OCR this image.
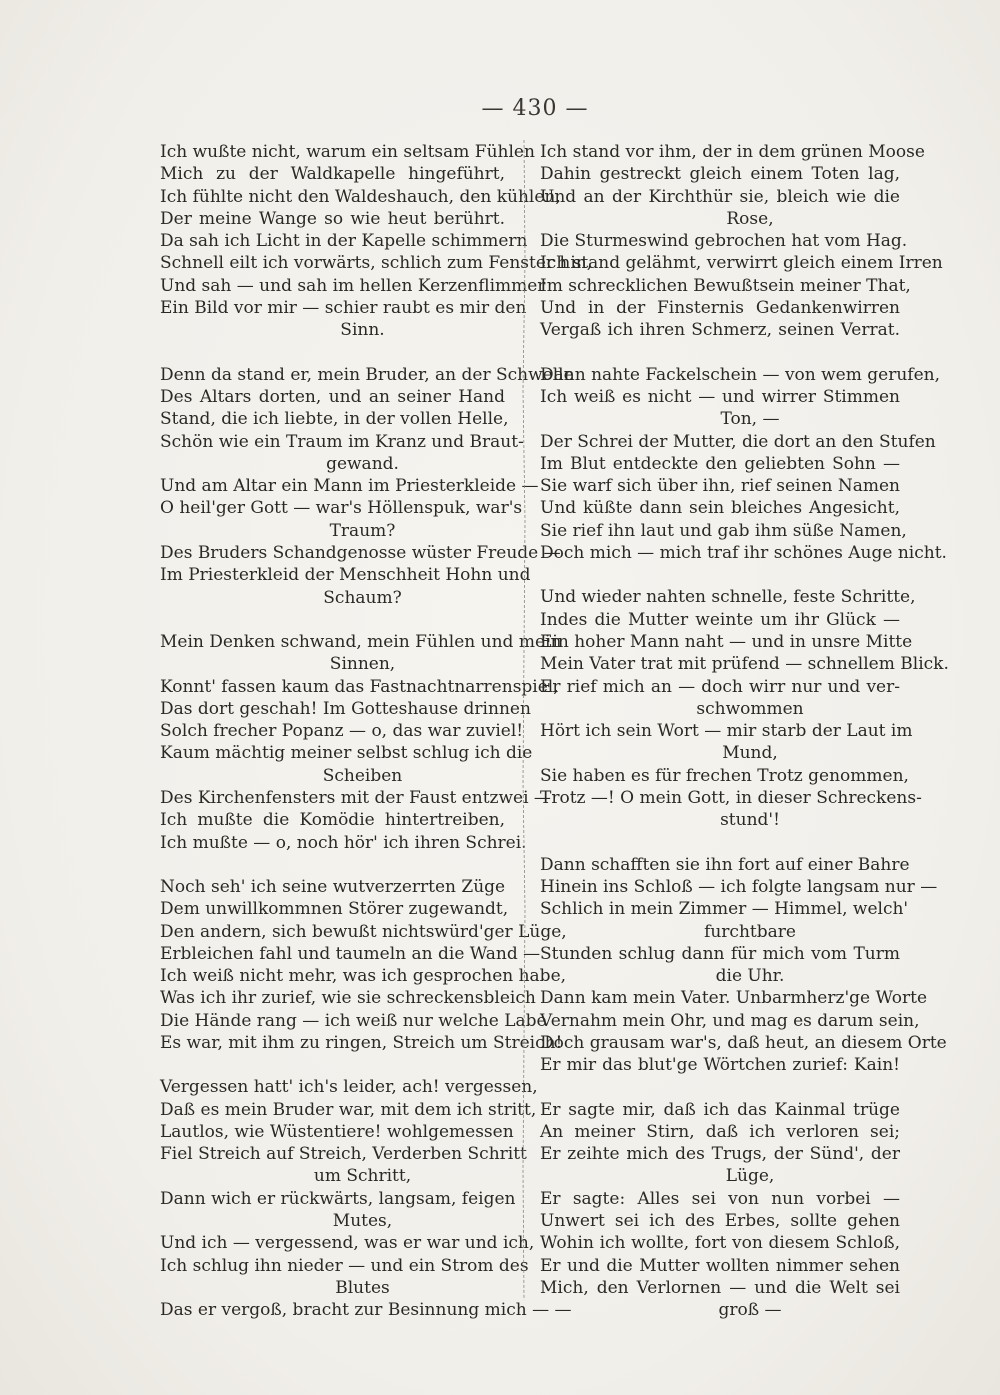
— 430 —
Ich wußte nicht, warum ein seltsam Fühlen
Mich zu der Waldkapelle hingeführt,
Ich fühlte nicht den Waldeshauch, den kühlen,
Der meine Wange so wie heut berührt.
Da sah ich Licht in der Kapelle schimmern
Schnell eilt ich vorwärts, schlich zum Fenster hin,
Und sah — und sah im hellen Kerzenflimmer
Ein Bild vor mir — schier raubt es mir den
Sinn.
Denn da stand er, mein Bruder, an der Schwelle
Des Altars dorten, und an seiner Hand
Stand, die ich liebte, in der vollen Helle,
Schön wie ein Traum im Kranz und Braut-
gewand.
Und am Altar ein Mann im Priesterkleide —
O heil'ger Gott — war's Höllenspuk, war's
Traum?
Des Bruders Schandgenosse wüster Freude —
Im Priesterkleid der Menschheit Hohn und
Schaum?
Mein Denken schwand, mein Fühlen und mein
Sinnen,
Konnt' fassen kaum das Fastnachtnarrenspiel,
Das dort geschah! Im Gotteshause drinnen
Solch frecher Popanz — o, das war zuviel!
Kaum mächtig meiner selbst schlug ich die
Scheiben
Des Kirchenfensters mit der Faust entzwei —
Ich mußte die Komödie hintertreiben,
Ich mußte — o, noch hör' ich ihren Schrei.
Noch seh' ich seine wutverzerrten Züge
Dem unwillkommnen Störer zugewandt,
Den andern, sich bewußt nichtswürd'ger Lüge,
Erbleichen fahl und taumeln an die Wand —
Ich weiß nicht mehr, was ich gesprochen habe,
Was ich ihr zurief, wie sie schreckensbleich
Die Hände rang — ich weiß nur welche Labe
Es war, mit ihm zu ringen, Streich um Streich!
Vergessen hatt' ich's leider, ach! vergessen,
Daß es mein Bruder war, mit dem ich stritt,
Lautlos, wie Wüstentiere! wohlgemessen
Fiel Streich auf Streich, Verderben Schritt
um Schritt,
Dann wich er rückwärts, langsam, feigen
Mutes,
Und ich — vergessend, was er war und ich,
Ich schlug ihn nieder — und ein Strom des
Blutes
Das er vergoß, bracht zur Besinnung mich — —
Ich stand vor ihm, der in dem grünen Moose
Dahin gestreckt gleich einem Toten lag,
Und an der Kirchthür sie, bleich wie die
Rose,
Die Sturmeswind gebrochen hat vom Hag.
Ich stand gelähmt, verwirrt gleich einem Irren
Im schrecklichen Bewußtsein meiner That,
Und in der Finsternis Gedankenwirren
Vergaß ich ihren Schmerz, seinen Verrat.
Dann nahte Fackelschein — von wem gerufen,
Ich weiß es nicht — und wirrer Stimmen
Ton, —
Der Schrei der Mutter, die dort an den Stufen
Im Blut entdeckte den geliebten Sohn —
Sie warf sich über ihn, rief seinen Namen
Und küßte dann sein bleiches Angesicht,
Sie rief ihn laut und gab ihm süße Namen,
Doch mich — mich traf ihr schönes Auge nicht.
Und wieder nahten schnelle, feste Schritte,
Indes die Mutter weinte um ihr Glück —
Ein hoher Mann naht — und in unsre Mitte
Mein Vater trat mit prüfend — schnellem Blick.
Er rief mich an — doch wirr nur und ver-
schwommen
Hört ich sein Wort — mir starb der Laut im
Mund,
Sie haben es für frechen Trotz genommen,
Trotz —! O mein Gott, in dieser Schreckens-
stund'!
Dann schafften sie ihn fort auf einer Bahre
Hinein ins Schloß — ich folgte langsam nur —
Schlich in mein Zimmer — Himmel, welch'
furchtbare
Stunden schlug dann für mich vom Turm
die Uhr.
Dann kam mein Vater. Unbarmherz'ge Worte
Vernahm mein Ohr, und mag es darum sein,
Doch grausam war's, daß heut, an diesem Orte
Er mir das blut'ge Wörtchen zurief: Kain!
Er sagte mir, daß ich das Kainmal trüge
An meiner Stirn, daß ich verloren sei;
Er zeihte mich des Trugs, der Sünd', der
Lüge,
Er sagte: Alles sei von nun vorbei —
Unwert sei ich des Erbes, sollte gehen
Wohin ich wollte, fort von diesem Schloß,
Er und die Mutter wollten nimmer sehen
Mich, den Verlornen — und die Welt sei
groß —
